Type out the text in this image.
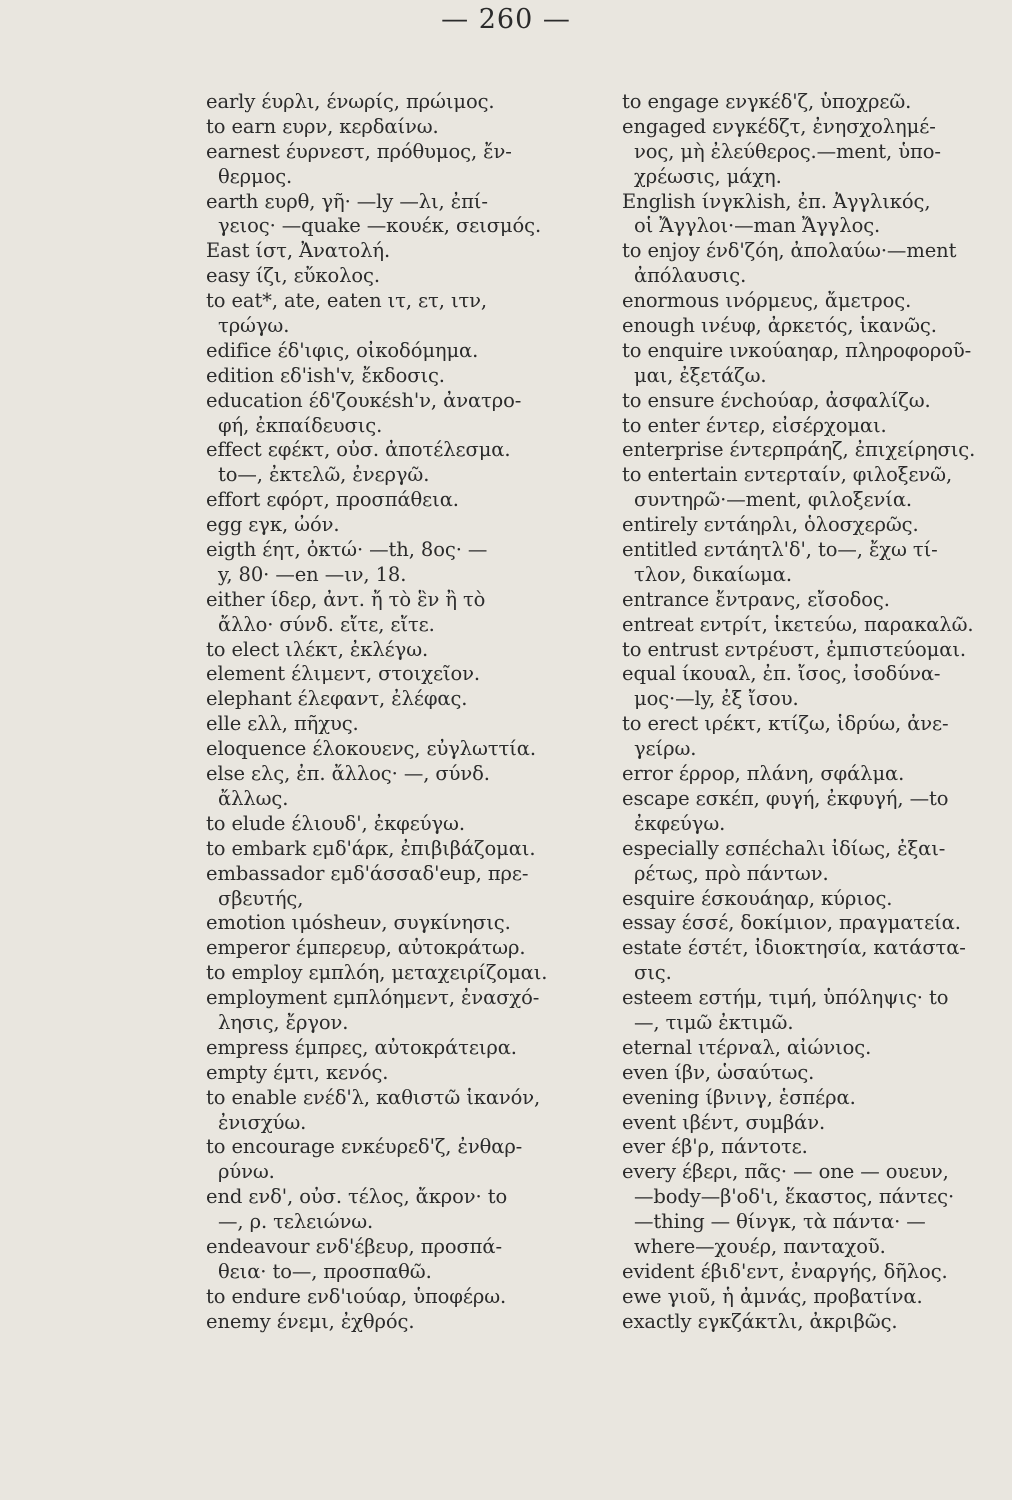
— 260 —
early έυρλι, ένωρίς, πρώιμος.
to earn ευρν, κερδαίνω.
earnest έυρνεστ, πρόθυμος, ἔν-
θερμος.
earth ευρθ, γῆ· —ly —λι, ἐπί-
γειος· —quake —κουέκ, σεισμός.
East ίστ, Ἀνατολή.
easy ίζι, εὔκολος.
to eat*, ate, eaten ιτ, ετ, ιτν,
τρώγω.
edifice έδ'ιφις, οἰκοδόμημα.
edition εδ'ish'v, ἔκδοσις.
education έδ'ζουκέsh'ν, ἀνατρο-
φή, ἐκπαίδευσις.
effect εφέκτ, οὐσ. ἀποτέλεσμα.
to—, ἐκτελῶ, ἐνεργῶ.
effort εφόρτ, προσπάθεια.
egg εγκ, ὠόν.
eigth έητ, ὀκτώ· —th, 8ος· —
y, 80· —en —ιν, 18.
either ίδερ, ἀντ. ἤ τὸ ἓν ἢ τὸ
ἄλλο· σύνδ. εἴτε, εἴτε.
to elect ιλέκτ, ἐκλέγω.
element έλιμεντ, στοιχεῖον.
elephant έλεφαντ, ἐλέφας.
elle ελλ, πῆχυς.
eloquence έλοκουενς, εὐγλωττία.
else ελς, ἐπ. ἄλλος· —, σύνδ.
ἄλλως.
to elude έλιουδ', ἐκφεύγω.
to embark εμδ'άρκ, ἐπιβιβάζομαι.
embassador εμδ'άσσαδ'eup, πρε-
σβευτής,
emotion ιμόsheuν, συγκίνησις.
emperor έμπερευρ, αὐτοκράτωρ.
to employ εμπλόη, μεταχειρίζομαι.
employment εμπλόημεντ, ἐνασχό-
λησις, ἔργον.
empress έμπρες, αὐτοκράτειρα.
empty έμτι, κενός.
to enable ενέδ'λ, καθιστῶ ἱκανόν,
ἐνισχύω.
to encourage ενκέυρεδ'ζ, ἐνθαρ-
ρύνω.
end ενδ', οὐσ. τέλος, ἄκρον· to
—, ρ. τελειώνω.
endeavour ενδ'έβευρ, προσπά-
θεια· to—, προσπαθῶ.
to endure ενδ'ιούαρ, ὑποφέρω.
enemy ένεμι, ἐχθρός.
to engage ενγκέδ'ζ, ὑποχρεῶ.
engaged ενγκέδζτ, ἐνησχολημέ-
νος, μὴ ἐλεύθερος.—ment, ὑπο-
χρέωσις, μάχη.
English ίνγκλish, ἐπ. Ἀγγλικός,
οἱ Ἄγγλοι·—man Ἄγγλος.
to enjoy ένδ'ζόη, ἀπολαύω·—ment
ἀπόλαυσις.
enormous ινόρμευς, ἄμετρος.
enough ινέυφ, ἀρκετός, ἱκανῶς.
to enquire ινκούαηαρ, πληροφοροῦ-
μαι, ἐξετάζω.
to ensure ένchoύαρ, ἀσφαλίζω.
to enter έντερ, εἰσέρχομαι.
enterprise έντερπράηζ, ἐπιχείρησις.
to entertain εντερταίν, φιλοξενῶ,
συντηρῶ·—ment, φιλοξενία.
entirely εντάηρλι, ὁλοσχερῶς.
entitled εντάητλ'δ', to—, ἔχω τί-
τλον, δικαίωμα.
entrance ἔντρανς, εἴσοδος.
entreat εντρίτ, ἱκετεύω, παρακαλῶ.
to entrust εντρέυστ, ἐμπιστεύομαι.
equal ίκουαλ, ἐπ. ἴσος, ἰσοδύνα-
μος·—ly, ἐξ ἴσου.
to erect ιρέκτ, κτίζω, ἱδρύω, ἀνε-
γείρω.
error έρρορ, πλάνη, σφάλμα.
escape εσκέπ, φυγή, ἐκφυγή, —to
ἐκφεύγω.
especially εσπέchaλι ἰδίως, ἐξαι-
ρέτως, πρὸ πάντων.
esquire έσκουάηαρ, κύριος.
essay έσσέ, δοκίμιον, πραγματεία.
estate έστέτ, ἰδιοκτησία, κατάστα-
σις.
esteem εστήμ, τιμή, ὑπόληψις· to
—, τιμῶ ἐκτιμῶ.
eternal ιτέρναλ, αἰώνιος.
even ίβν, ὡσαύτως.
evening ίβνινγ, ἑσπέρα.
event ιβέντ, συμβάν.
ever έβ'ρ, πάντοτε.
every έβερι, πᾶς· — one — ουευν,
—body—β'οδ'ι, ἕκαστος, πάντες·
—thing — θίνγκ, τὰ πάντα· —
where—χουέρ, πανταχοῦ.
evident έβιδ'εντ, ἐναργής, δῆλος.
ewe γιοῦ, ἡ ἀμνάς, προβατίνα.
exactly εγκζάκτλι, ἀκριβῶς.
